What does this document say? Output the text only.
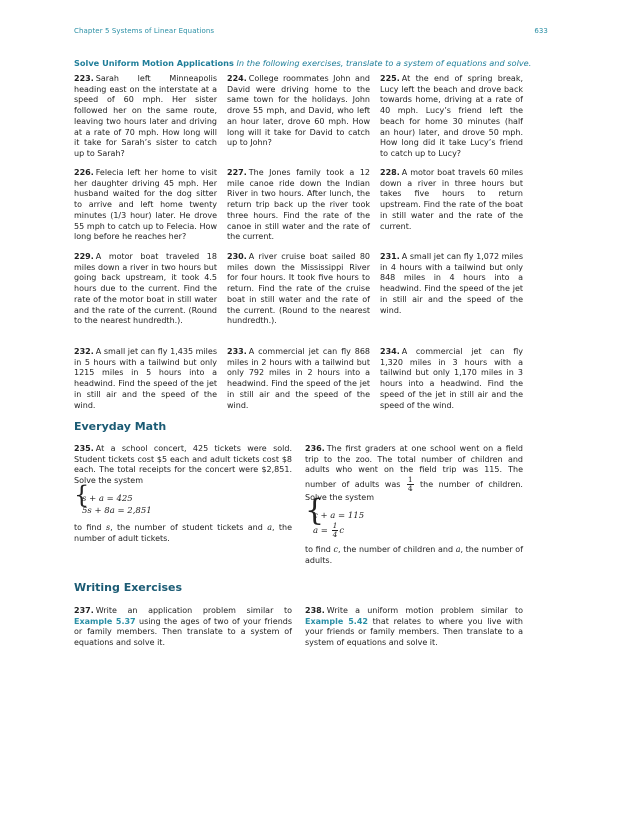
Chapter 5 Systems of Linear Equations	633
Solve Uniform Motion Applications In the following exercises, translate to a system of equations and solve.
223. Sarah left Minneapolis heading east on the interstate at a speed of 60 mph. Her sister followed her on the same route, leaving two hours later and driving at a rate of 70 mph. How long will it take for Sarah’s sister to catch up to Sarah?
224. College roommates John and David were driving home to the same town for the holidays. John drove 55 mph, and David, who left an hour later, drove 60 mph. How long will it take for David to catch up to John?
225. At the end of spring break, Lucy left the beach and drove back towards home, driving at a rate of 40 mph. Lucy’s friend left the beach for home 30 minutes (half an hour) later, and drove 50 mph. How long did it take Lucy’s friend to catch up to Lucy?
226. Felecia left her home to visit her daughter driving 45 mph. Her husband waited for the dog sitter to arrive and left home twenty minutes (1/3 hour) later. He drove 55 mph to catch up to Felecia. How long before he reaches her?
227. The Jones family took a 12 mile canoe ride down the Indian River in two hours. After lunch, the return trip back up the river took three hours. Find the rate of the canoe in still water and the rate of the current.
228. A motor boat travels 60 miles down a river in three hours but takes five hours to return upstream. Find the rate of the boat in still water and the rate of the current.
229. A motor boat traveled 18 miles down a river in two hours but going back upstream, it took 4.5 hours due to the current. Find the rate of the motor boat in still water and the rate of the current. (Round to the nearest hundredth.).
230. A river cruise boat sailed 80 miles down the Mississippi River for four hours. It took five hours to return. Find the rate of the cruise boat in still water and the rate of the current. (Round to the nearest hundredth.).
231. A small jet can fly 1,072 miles in 4 hours with a tailwind but only 848 miles in 4 hours into a headwind. Find the speed of the jet in still air and the speed of the wind.
232. A small jet can fly 1,435 miles in 5 hours with a tailwind but only 1215 miles in 5 hours into a headwind. Find the speed of the jet in still air and the speed of the wind.
233. A commercial jet can fly 868 miles in 2 hours with a tailwind but only 792 miles in 2 hours into a headwind. Find the speed of the jet in still air and the speed of the wind.
234. A commercial jet can fly 1,320 miles in 3 hours with a tailwind but only 1,170 miles in 3 hours into a headwind. Find the speed of the jet in still air and the speed of the wind.
Everyday Math
235. At a school concert, 425 tickets were sold. Student tickets cost $5 each and adult tickets cost $8 each. The total receipts for the concert were $2,851. Solve the system
{
s + a = 425
5s + 8a = 2,851
to find s, the number of student tickets and a, the number of adult tickets.
236. The first graders at one school went on a field trip to the zoo. The total number of children and adults who went on the field trip was 115. The number of adults was $\frac{1}{4}$ the number of children. Solve the system
{
c + a = 115
$a = \frac{1}{4}$ c
to find c, the number of children and a, the number of adults.
Writing Exercises
237. Write an application problem similar to Example 5.37 using the ages of two of your friends or family members. Then translate to a system of equations and solve it.
238. Write a uniform motion problem similar to Example 5.42 that relates to where you live with your friends or family members. Then translate to a system of equations and solve it.
